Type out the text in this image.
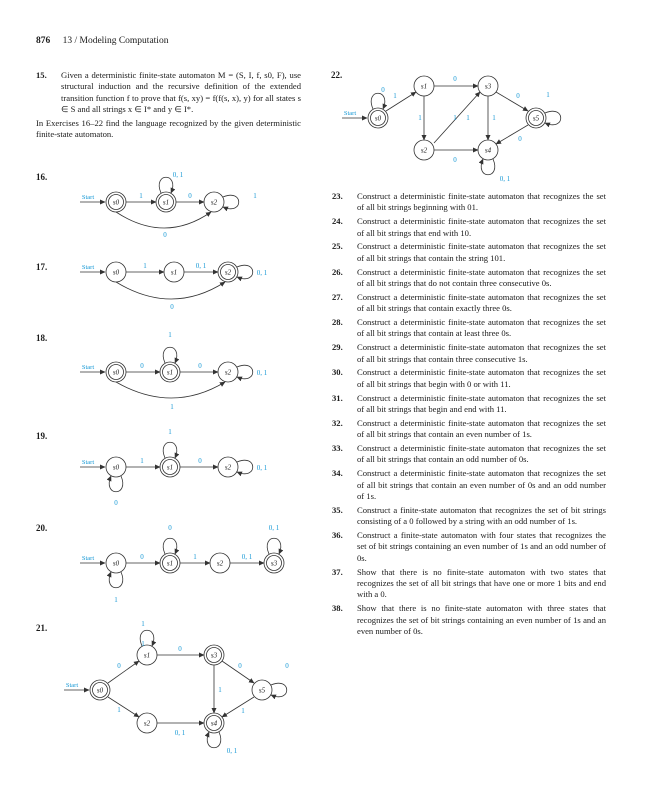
876 13 / Modeling Computation
15. Given a deterministic finite-state automaton M = (S, I, f, s0, F), use structural induction and the recursive definition of the extended transition function f to prove that f(s, xy) = f(f(s, x), y) for all states s ∈ S and all strings x ∈ I* and y ∈ I*.
In Exercises 16–22 find the language recognized by the given deterministic finite-state automaton.
23. Construct a deterministic finite-state automaton that recognizes the set of all bit strings beginning with 01.
24. Construct a deterministic finite-state automaton that recognizes the set of all bit strings that end with 10.
25. Construct a deterministic finite-state automaton that recognizes the set of all bit strings that contain the string 101.
26. Construct a deterministic finite-state automaton that recognizes the set of all bit strings that do not contain three consecutive 0s.
27. Construct a deterministic finite-state automaton that recognizes the set of all bit strings that contain exactly three 0s.
28. Construct a deterministic finite-state automaton that recognizes the set of all bit strings that contain at least three 0s.
29. Construct a deterministic finite-state automaton that recognizes the set of all bit strings that contain three consecutive 1s.
30. Construct a deterministic finite-state automaton that recognizes the set of all bit strings that begin with 0 or with 11.
31. Construct a deterministic finite-state automaton that recognizes the set of all bit strings that begin and end with 11.
32. Construct a deterministic finite-state automaton that recognizes the set of all bit strings that contain an even number of 1s.
33. Construct a deterministic finite-state automaton that recognizes the set of all bit strings that contain an odd number of 0s.
34. Construct a deterministic finite-state automaton that recognizes the set of all bit strings that contain an even number of 0s and an odd number of 1s.
35. Construct a finite-state automaton that recognizes the set of bit strings consisting of a 0 followed by a string with an odd number of 1s.
36. Construct a finite-state automaton with four states that recognizes the set of bit strings containing an even number of 1s and an odd number of 0s.
37. Show that there is no finite-state automaton with two states that recognizes the set of all bit strings that have one or more 1 bits and end with a 0.
38. Show that there is no finite-state automaton with three states that recognizes the set of bit strings containing an even number of 1s and an even number of 0s.
16.
17.
18.
19.
20.
21.
22.
Start
s0	s1	s2
1	0
0, 1
1
0
Start
s0	s1	s2
1	0, 1
0, 1
0
Start
s0	s1	s2
0
1
0
0, 1
1
Start
s0	s1	s2
1
1
0
0, 1
0
Start
s0	s1	s2	s3
0
0
1	0, 1
0, 1
1
Start
s0
s1
s2
s3
s4
s5
1
0
0
1
0	0
1
1
0, 1
0, 1
1
Start
s0
s1
s2
s3
s4
s5
0
1
0
1	1	1
0	1
0
0
0, 1
1
